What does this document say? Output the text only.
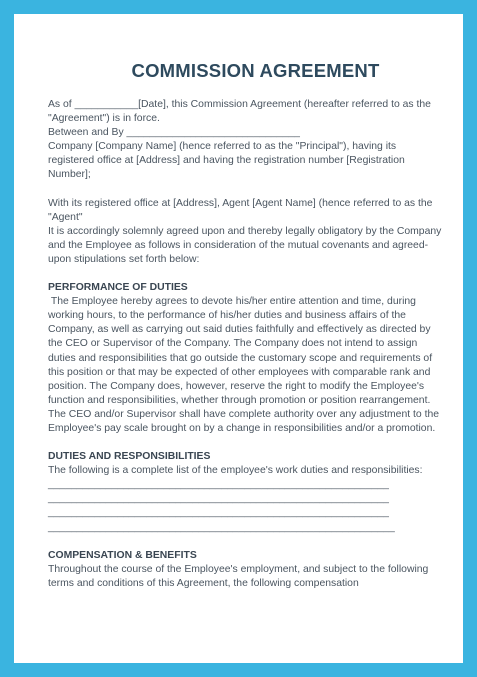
COMMISSION AGREEMENT

As of ___________[Date], this Commission Agreement (hereafter referred to as the "Agreement") is in force.

Between and By ______________________________

Company [Company Name] (hence referred to as the "Principal"), having its registered office at [Address] and having the registration number [Registration Number];

With its registered office at [Address], Agent [Agent Name] (hence referred to as the "Agent"

It is accordingly solemnly agreed upon and thereby legally obligatory by the Company and the Employee as follows in consideration of the mutual covenants and agreed-upon stipulations set forth below:

PERFORMANCE OF DUTIES

The Employee hereby agrees to devote his/her entire attention and time, during working hours, to the performance of his/her duties and business affairs of the Company, as well as carrying out said duties faithfully and effectively as directed by the CEO or Supervisor of the Company. The Company does not intend to assign duties and responsibilities that go outside the customary scope and requirements of this position or that may be expected of other employees with comparable rank and position. The Company does, however, reserve the right to modify the Employee's function and responsibilities, whether through promotion or position rearrangement. The CEO and/or Supervisor shall have complete authority over any adjustment to the Employee's pay scale brought on by a change in responsibilities and/or a promotion.

DUTIES AND RESPONSIBILITIES

The following is a complete list of the employee's work duties and responsibilities:

___________________________________________________________

___________________________________________________________

___________________________________________________________

____________________________________________________________

COMPENSATION & BENEFITS

Throughout the course of the Employee's employment, and subject to the following terms and conditions of this Agreement, the following compensation
